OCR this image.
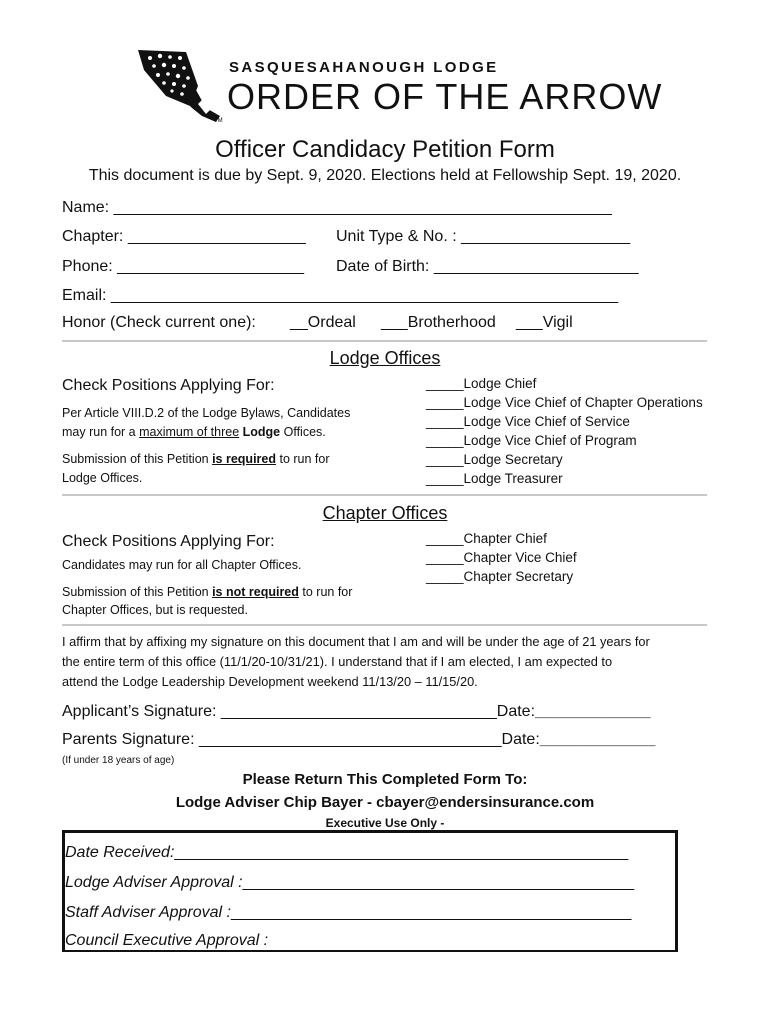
TM
SASQUESAHANOUGH LODGE
ORDER OF THE ARROW
Officer Candidacy Petition Form
This document is due by Sept. 9, 2020. Elections held at Fellowship Sept. 19, 2020.
Name: ________________________________________________________
Chapter: ____________________ Unit Type & No. : ___________________
Phone: _____________________ Date of Birth: _______________________
Email: _________________________________________________________
Honor (Check current one): __Ordeal ___Brotherhood ___Vigil
Lodge Offices
Check Positions Applying For:
Per Article VIII.D.2 of the Lodge Bylaws, Candidates
may run for a maximum of three Lodge Offices.
Submission of this Petition is required to run for
Lodge Offices.
_____Lodge Chief
_____Lodge Vice Chief of Chapter Operations
_____Lodge Vice Chief of Service
_____Lodge Vice Chief of Program
_____Lodge Secretary
_____Lodge Treasurer
Chapter Offices
Check Positions Applying For:
Candidates may run for all Chapter Offices.
Submission of this Petition is not required to run for
Chapter Offices, but is requested.
_____Chapter Chief
_____Chapter Vice Chief
_____Chapter Secretary
I affirm that by affixing my signature on this document that I am and will be under the age of 21 years for
the entire term of this office (11/1/20-10/31/21). I understand that if I am elected, I am expected to
attend the Lodge Leadership Development weekend 11/13/20 – 11/15/20.
Applicant’s Signature: _______________________________Date:_____________
Parents Signature: __________________________________Date:_____________
(If under 18 years of age)
Please Return This Completed Form To:
Lodge Adviser Chip Bayer - cbayer@endersinsurance.com
Executive Use Only -
Date Received:___________________________________________________
Lodge Adviser Approval :____________________________________________
Staff Adviser Approval :_____________________________________________
Council Executive Approval :
